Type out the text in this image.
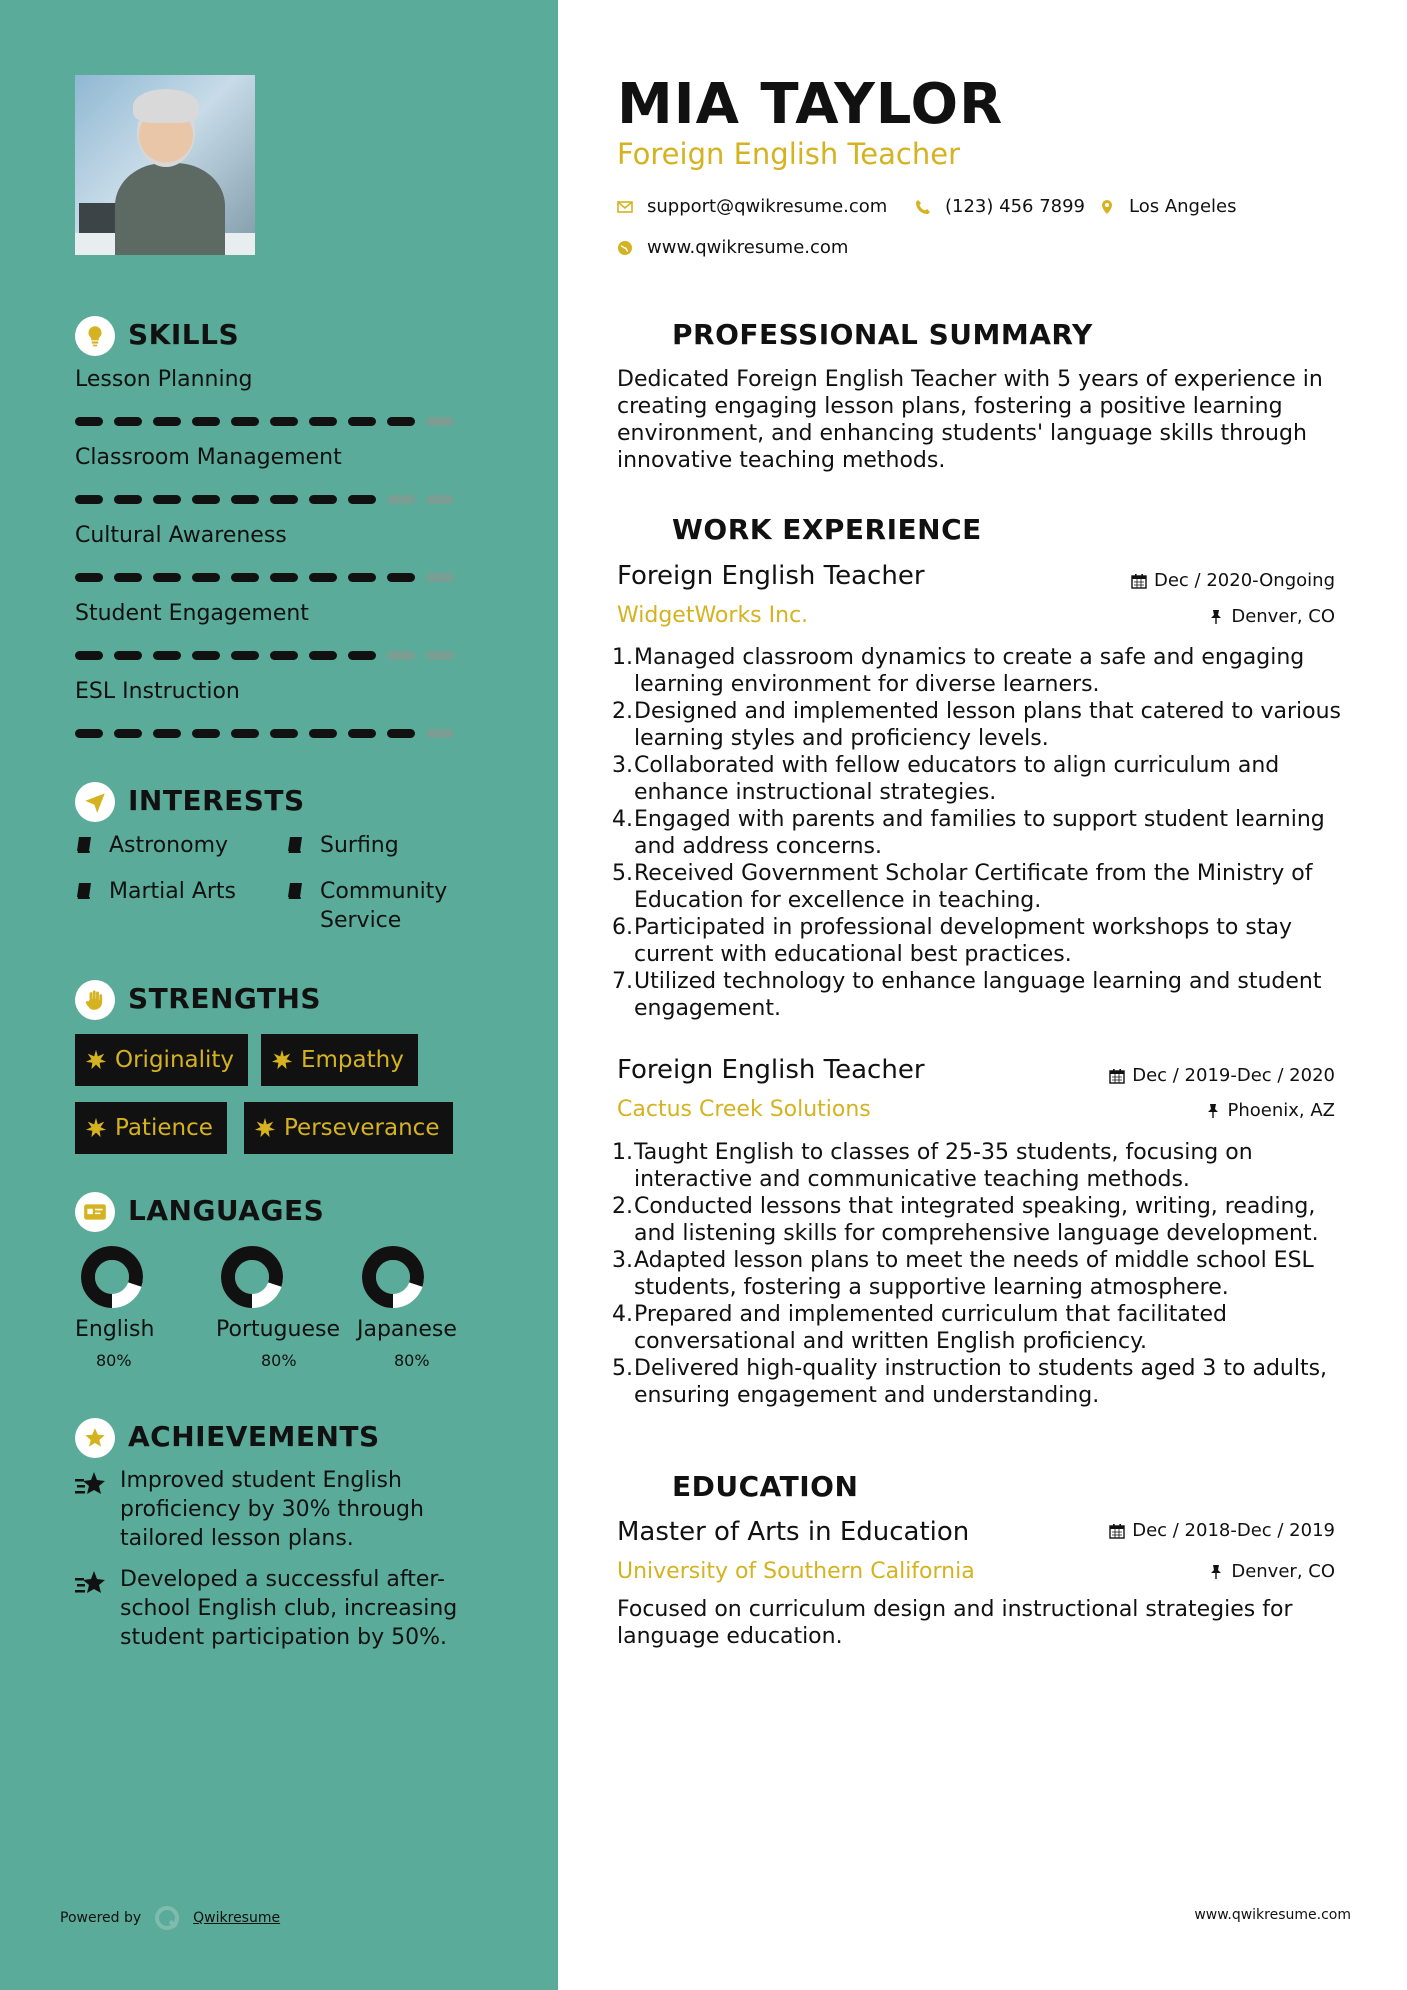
SKILLS
INTERESTS
Astronomy	Surfing
Martial Arts	Community
Service
STRENGTHS
Originality	Empathy
Patience	Perseverance
LANGUAGES
ACHIEVEMENTS
Improved student English proficiency by 30% through tailored lesson plans.
Developed a successful after-school English club, increasing student participation by 50%.
Powered by	Qwikresume
Lesson Planning
Classroom Management
Cultural Awareness
Student Engagement
ESL Instruction
English
80%
Portuguese
80%
Japanese
80%
MIA TAYLOR
Foreign English Teacher
support@qwikresume.com	(123) 456 7899 Los Angeles
www.qwikresume.com
PROFESSIONAL SUMMARY
Dedicated Foreign English Teacher with 5 years of experience in creating engaging lesson plans, fostering a positive learning environment, and enhancing students' language skills through innovative teaching methods.
WORK EXPERIENCE
Foreign English Teacher	Dec / 2020-Ongoing
WidgetWorks Inc.	Denver, CO
Managed classroom dynamics to create a safe and engaging learning environment for diverse learners.
Designed and implemented lesson plans that catered to various learning styles and proficiency levels.
Collaborated with fellow educators to align curriculum and enhance instructional strategies.
Engaged with parents and families to support student learning and address concerns.
Received Government Scholar Certificate from the Ministry of Education for excellence in teaching.
Participated in professional development workshops to stay current with educational best practices.
Utilized technology to enhance language learning and student engagement.
Foreign English Teacher	Dec / 2019-Dec / 2020
Cactus Creek Solutions	Phoenix, AZ
Taught English to classes of 25-35 students, focusing on interactive and communicative teaching methods.
Conducted lessons that integrated speaking, writing, reading, and listening skills for comprehensive language development.
Adapted lesson plans to meet the needs of middle school ESL students, fostering a supportive learning atmosphere.
Prepared and implemented curriculum that facilitated conversational and written English proficiency.
Delivered high-quality instruction to students aged 3 to adults, ensuring engagement and understanding.
EDUCATION
Master of Arts in Education	Dec / 2018-Dec / 2019
University of Southern California	Denver, CO
Focused on curriculum design and instructional strategies for language education.
www.qwikresume.com
